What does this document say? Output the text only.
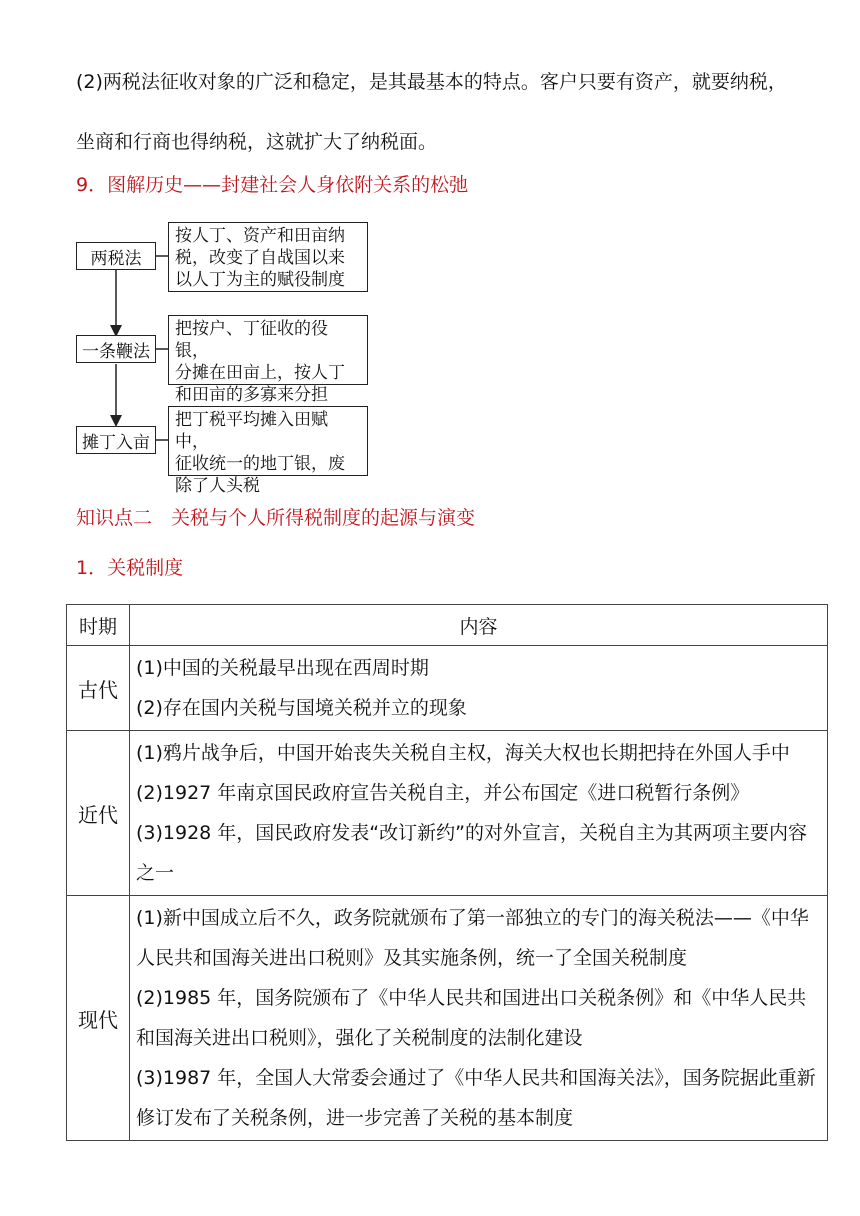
(2)两税法征收对象的广泛和稳定，是其最基本的特点。客户只要有资产，就要纳税，
坐商和行商也得纳税，这就扩大了纳税面。
9．图解历史——封建社会人身依附关系的松弛
两税法
按人丁、资产和田亩纳
税，改变了自战国以来
以人丁为主的赋役制度
一条鞭法
把按户、丁征收的役银，
分摊在田亩上，按人丁
和田亩的多寡来分担
摊丁入亩
把丁税平均摊入田赋中，
征收统一的地丁银，废
除了人头税
知识点二　关税与个人所得税制度的起源与演变
1．关税制度
时期	内容
古代	(1)中国的关税最早出现在西周时期
(2)存在国内关税与国境关税并立的现象

近代	(1)鸦片战争后，中国开始丧失关税自主权，海关大权也长期把持在外国人手中
(2)1927 年南京国民政府宣告关税自主，并公布国定《进口税暂行条例》
(3)1928 年，国民政府发表“改订新约”的对外宣言，关税自主为其两项主要内容之一

现代	(1)新中国成立后不久，政务院就颁布了第一部独立的专门的海关税法——《中华人民共和国海关进出口税则》及其实施条例，统一了全国关税制度
(2)1985 年，国务院颁布了《中华人民共和国进出口关税条例》和《中华人民共和国海关进出口税则》，强化了关税制度的法制化建设
(3)1987 年，全国人大常委会通过了《中华人民共和国海关法》，国务院据此重新修订发布了关税条例，进一步完善了关税的基本制度
